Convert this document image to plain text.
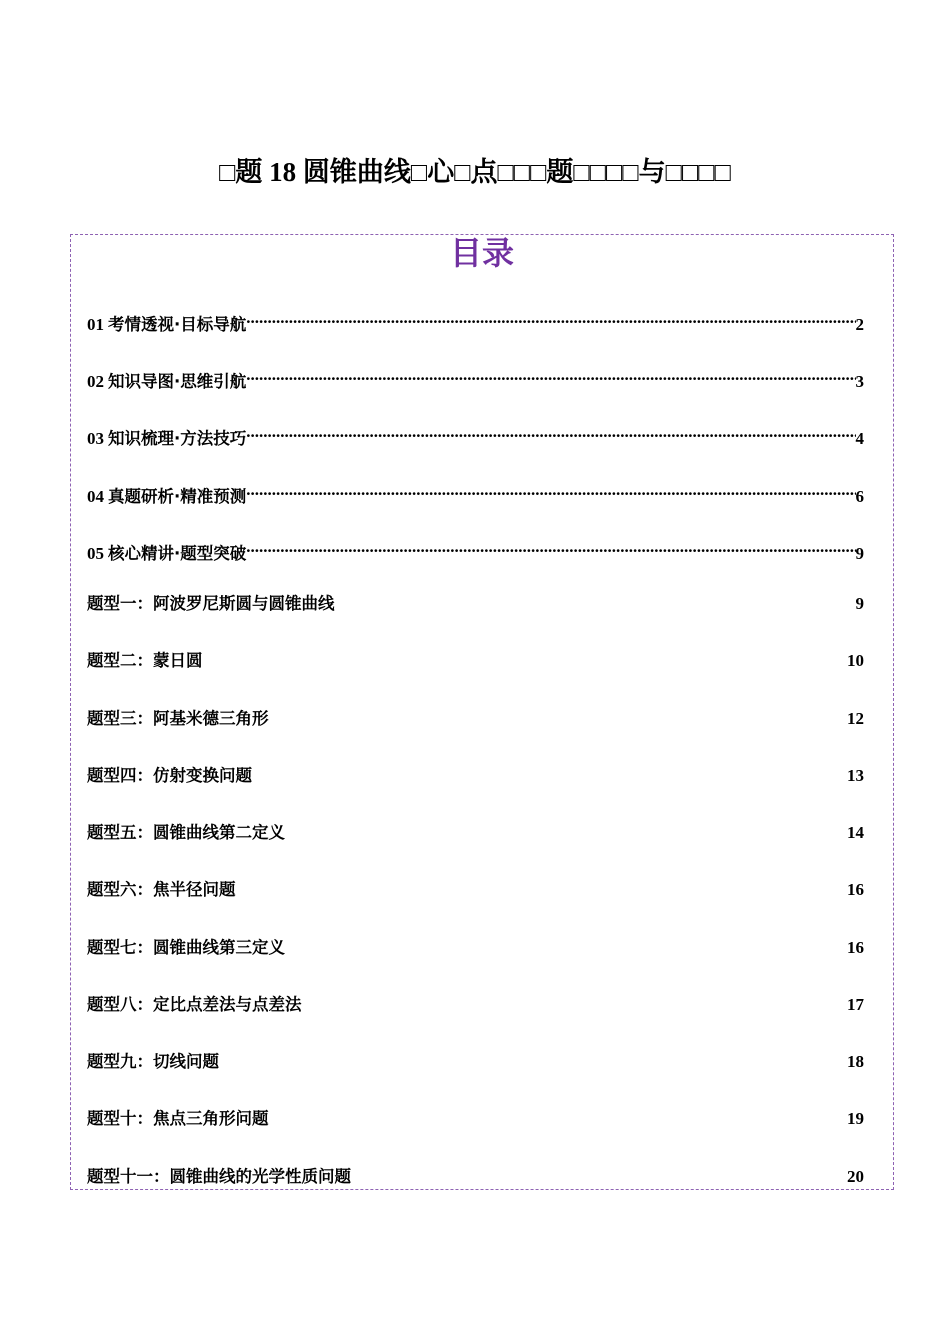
□题 18 圆锥曲线□心□点□□□题□□□□与□□□□
目录
01 考情透视·目标导航 .....	2
02 知识导图·思维引航 .....	3
03 知识梳理·方法技巧 .....	4
04 真题研析·精准预测 .....	6
05 核心精讲·题型突破 .....	9
题型一：阿波罗尼斯圆与圆锥曲线	9
题型二：蒙日圆	10
题型三：阿基米德三角形	12
题型四：仿射变换问题	13
题型五：圆锥曲线第二定义	14
题型六：焦半径问题	16
题型七：圆锥曲线第三定义	16
题型八：定比点差法与点差法	17
题型九：切线问题	18
题型十：焦点三角形问题	19
题型十一：圆锥曲线的光学性质问题	20
